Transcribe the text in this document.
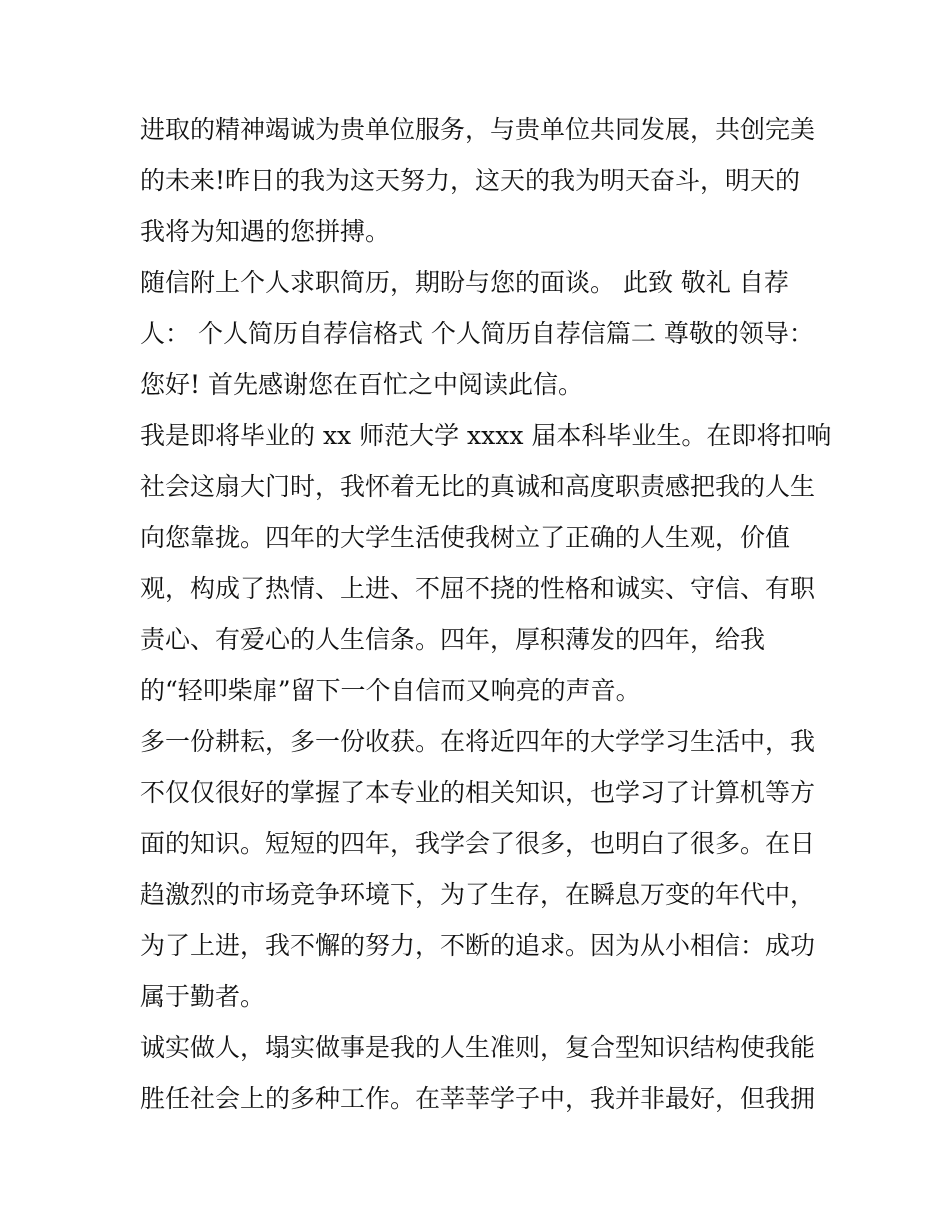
进取的精神竭诚为贵单位服务，与贵单位共同发展，共创完美
的未来!昨日的我为这天努力，这天的我为明天奋斗，明天的
我将为知遇的您拼搏。
随信附上个人求职简历，期盼与您的面谈。 此致 敬礼 自荐
人： 个人简历自荐信格式 个人简历自荐信篇二 尊敬的领导：
您好! 首先感谢您在百忙之中阅读此信。
我是即将毕业的 xx 师范大学 xxxx 届本科毕业生。在即将扣响
社会这扇大门时，我怀着无比的真诚和高度职责感把我的人生
向您靠拢。四年的大学生活使我树立了正确的人生观，价值
观，构成了热情、上进、不屈不挠的性格和诚实、守信、有职
责心、有爱心的人生信条。四年，厚积薄发的四年，给我
的“轻叩柴扉”留下一个自信而又响亮的声音。
多一份耕耘，多一份收获。在将近四年的大学学习生活中，我
不仅仅很好的掌握了本专业的相关知识，也学习了计算机等方
面的知识。短短的四年，我学会了很多，也明白了很多。在日
趋激烈的市场竞争环境下，为了生存，在瞬息万变的年代中，
为了上进，我不懈的努力，不断的追求。因为从小相信：成功
属于勤者。
诚实做人，塌实做事是我的人生准则，复合型知识结构使我能
胜任社会上的多种工作。在莘莘学子中，我并非最好，但我拥
